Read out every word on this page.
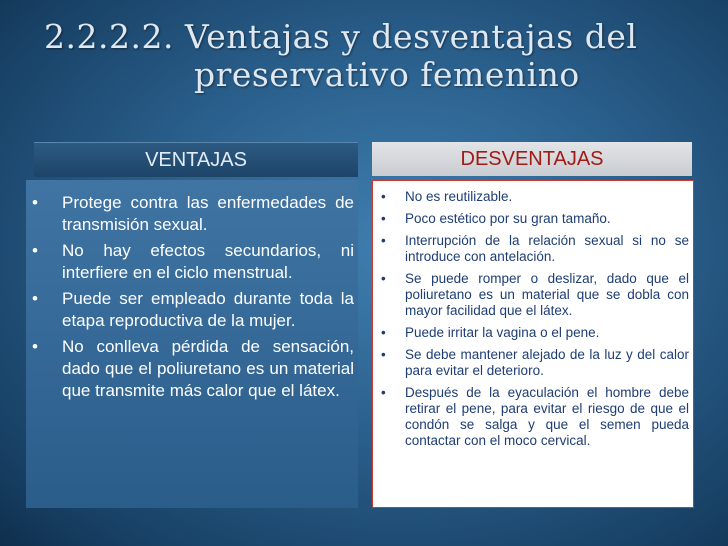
2.2.2.2. Ventajas y desventajas del
preservativo femenino
VENTAJAS	DESVENTAJAS
•	Protege contra las enfermedades de transmisión sexual.
•	No hay efectos secundarios, ni interfiere en el ciclo menstrual.
•	Puede ser empleado durante toda la etapa reproductiva de la mujer.
•	No conlleva pérdida de sensación, dado que el poliuretano es un material que transmite más calor que el látex.
•	No es reutilizable.
•	Poco estético por su gran tamaño.
•	Interrupción de la relación sexual si no se introduce con antelación.
•	Se puede romper o deslizar, dado que el poliuretano es un material que se dobla con mayor facilidad que el látex.
•	Puede irritar la vagina o el pene.
•	Se debe mantener alejado de la luz y del calor para evitar el deterioro.
•	Después de la eyaculación el hombre debe retirar el pene, para evitar el riesgo de que el condón se salga y que el semen pueda contactar con el moco cervical.
